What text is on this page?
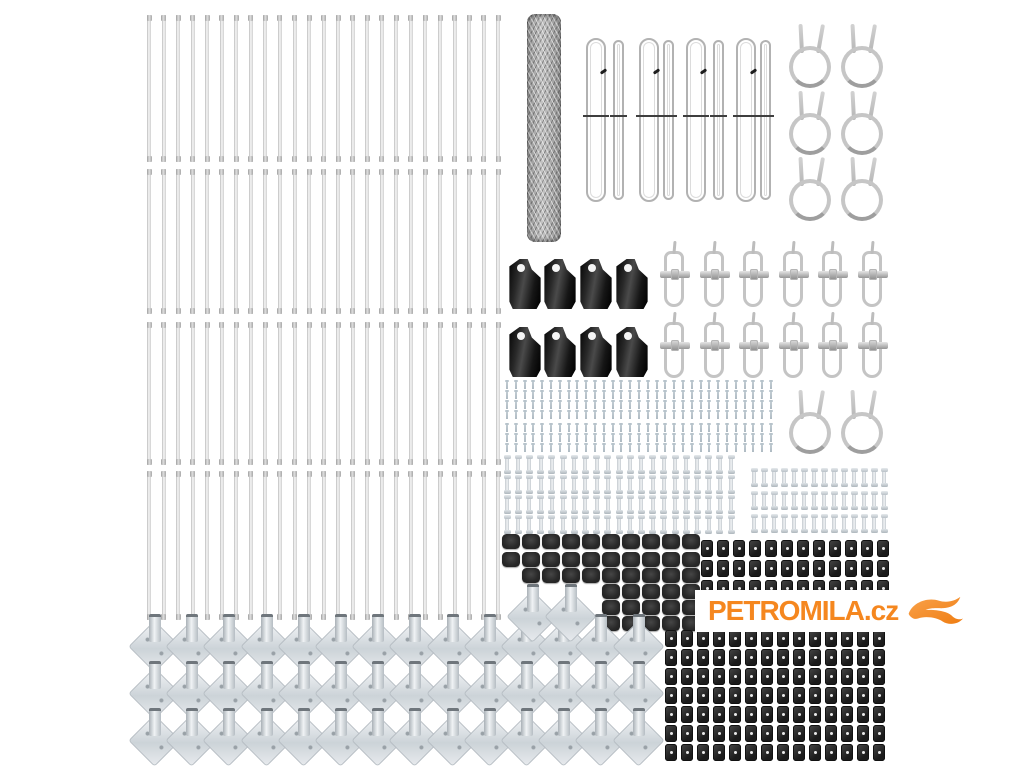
PETROMILA.cz
